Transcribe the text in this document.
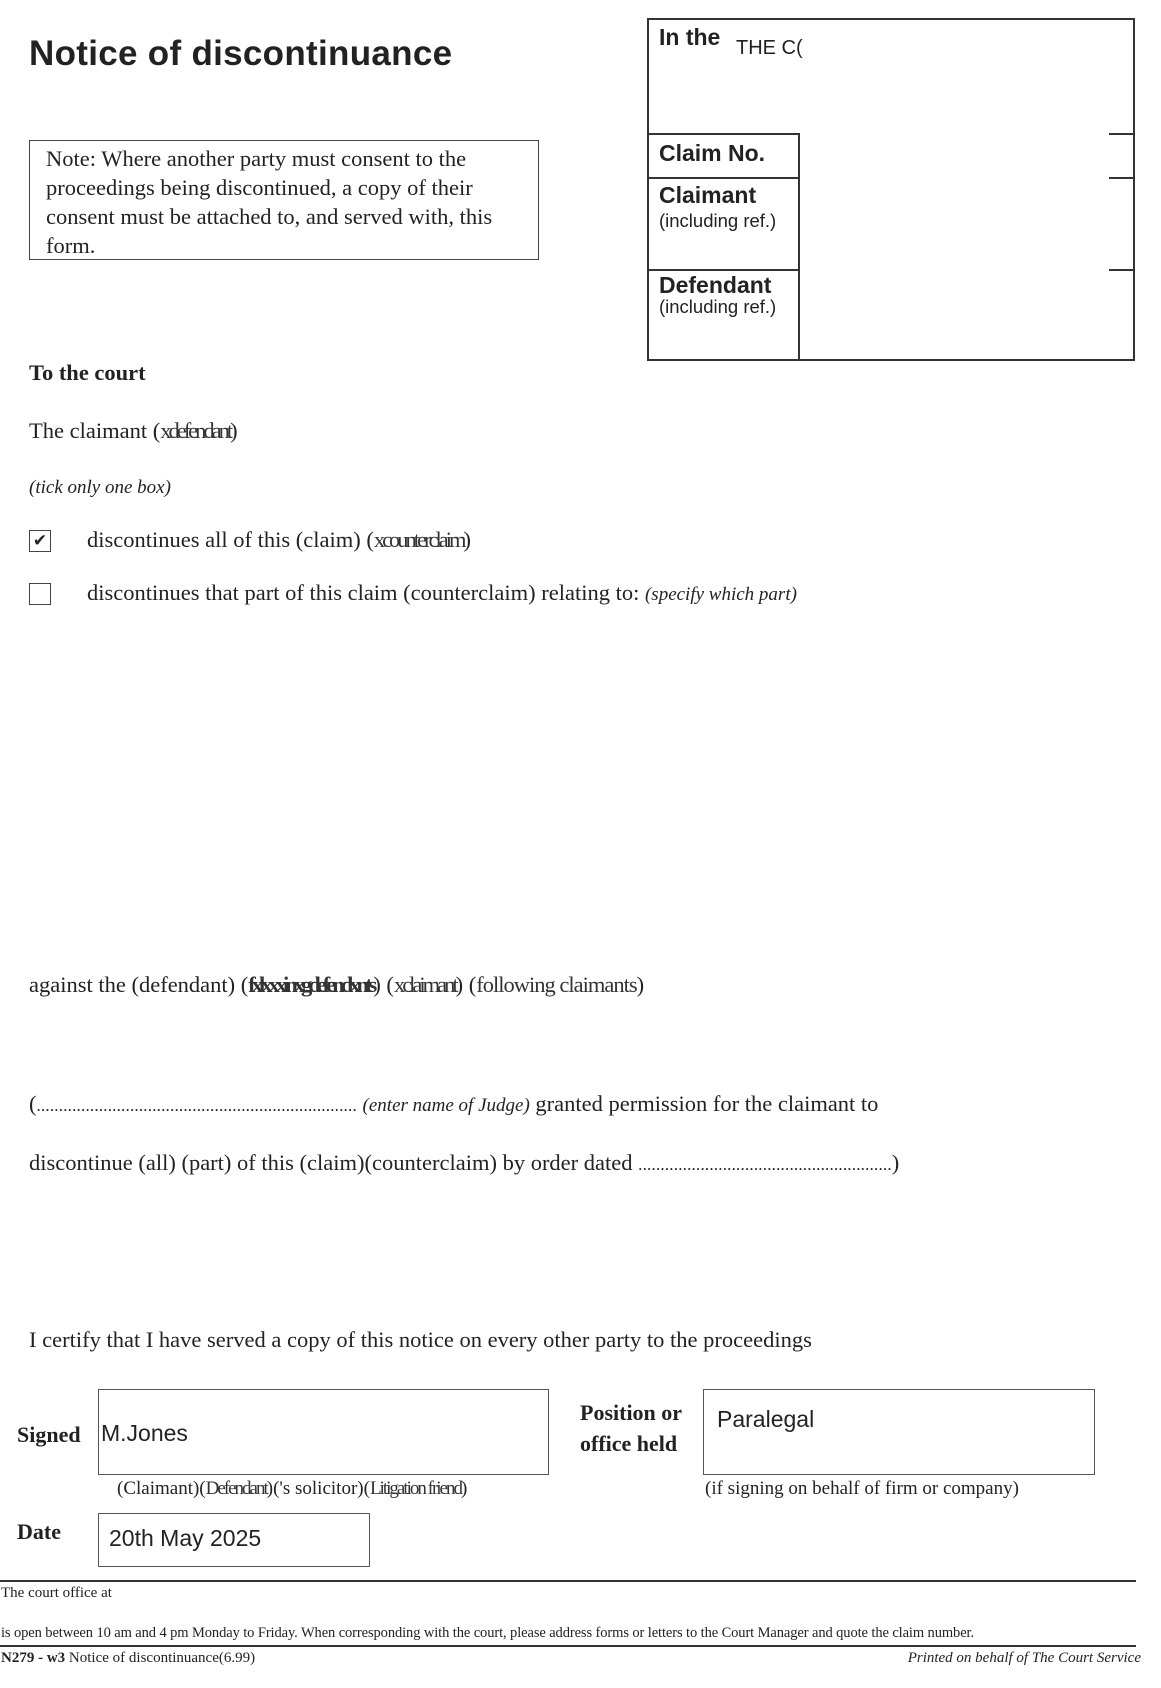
Notice of discontinuance
Note: Where another party must consent to the proceedings being discontinued, a copy of their consent must be attached to, and served with, this form.
In the THE C(
Claim No.
Claimant
(including ref.)
Defendant
(including ref.)
To the court
The claimant (xdefendant)
(tick only one box)
✔ discontinues all of this (claim) (xcounterclaim)
discontinues that part of this claim (counterclaim) relating to: (specify which part)
against the (defendant) (fxlxxxinxgdefendxnts) (xclaimant) (following claimants)
(........................................................................ (enter name of Judge) granted permission for the claimant to
discontinue (all) (part) of this (claim)(counterclaim) by order dated .........................................................)
I certify that I have served a copy of this notice on every other party to the proceedings
Signed M.Jones
(Claimant)(Defendant)('s solicitor)(Litigation friend)
Position or
office held
Paralegal
(if signing on behalf of firm or company)
Date 20th May 2025
The court office at
is open between 10 am and 4 pm Monday to Friday. When corresponding with the court, please address forms or letters to the Court Manager and quote the claim number.
N279 - w3 Notice of discontinuance(6.99)	Printed on behalf of The Court Service
